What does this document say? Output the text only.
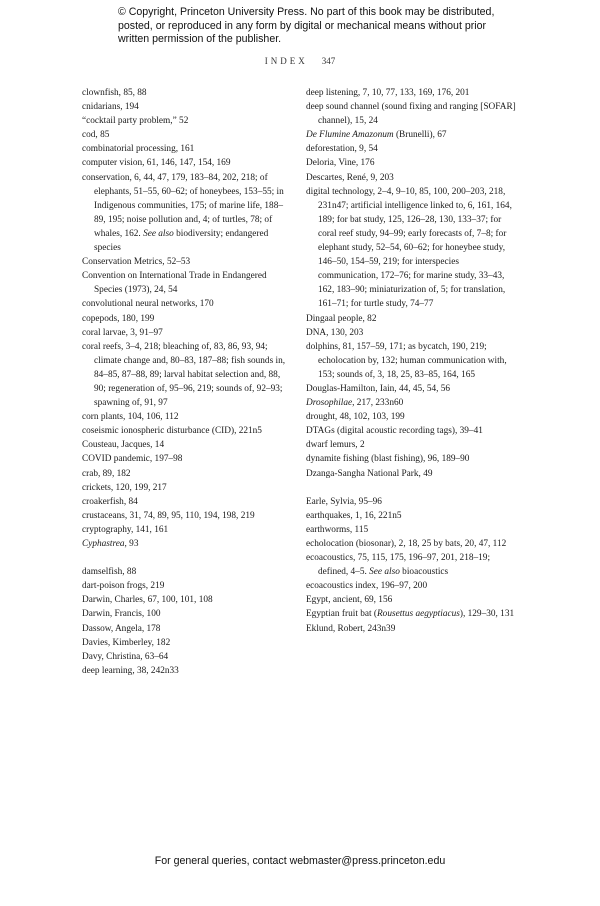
© Copyright, Princeton University Press. No part of this book may be distributed, posted, or reproduced in any form by digital or mechanical means without prior written permission of the publisher.
INDEX 347
clownfish, 85, 88
cnidarians, 194
“cocktail party problem,” 52
cod, 85
combinatorial processing, 161
computer vision, 61, 146, 147, 154, 169
conservation, 6, 44, 47, 179, 183–84, 202, 218; of elephants, 51–55, 60–62; of honeybees, 153–55; in Indigenous communities, 175; of marine life, 188–89, 195; noise pollution and, 4; of turtles, 78; of whales, 162. See also biodiversity; endangered species
Conservation Metrics, 52–53
Convention on International Trade in Endangered Species (1973), 24, 54
convolutional neural networks, 170
copepods, 180, 199
coral larvae, 3, 91–97
coral reefs, 3–4, 218; bleaching of, 83, 86, 93, 94; climate change and, 80–83, 187–88; fish sounds in, 84–85, 87–88, 89; larval habitat selection and, 88, 90; regeneration of, 95–96, 219; sounds of, 92–93; spawning of, 91, 97
corn plants, 104, 106, 112
coseismic ionospheric disturbance (CID), 221n5
Cousteau, Jacques, 14
COVID pandemic, 197–98
crab, 89, 182
crickets, 120, 199, 217
croakerfish, 84
crustaceans, 31, 74, 89, 95, 110, 194, 198, 219
cryptography, 141, 161
Cyphastrea, 93
damselfish, 88
dart-poison frogs, 219
Darwin, Charles, 67, 100, 101, 108
Darwin, Francis, 100
Dassow, Angela, 178
Davies, Kimberley, 182
Davy, Christina, 63–64
deep learning, 38, 242n33
deep listening, 7, 10, 77, 133, 169, 176, 201
deep sound channel (sound fixing and ranging [SOFAR] channel), 15, 24
De Flumine Amazonum (Brunelli), 67
deforestation, 9, 54
Deloria, Vine, 176
Descartes, René, 9, 203
digital technology, 2–4, 9–10, 85, 100, 200–203, 218, 231n47; artificial intelligence linked to, 6, 161, 164, 189; for bat study, 125, 126–28, 130, 133–37; for coral reef study, 94–99; early forecasts of, 7–8; for elephant study, 52–54, 60–62; for honeybee study, 146–50, 154–59, 219; for interspecies communication, 172–76; for marine study, 33–43, 162, 183–90; miniaturization of, 5; for translation, 161–71; for turtle study, 74–77
Dingaal people, 82
DNA, 130, 203
dolphins, 81, 157–59, 171; as bycatch, 190, 219; echolocation by, 132; human communication with, 153; sounds of, 3, 18, 25, 83–85, 164, 165
Douglas-Hamilton, Iain, 44, 45, 54, 56
Drosophilae, 217, 233n60
drought, 48, 102, 103, 199
DTAGs (digital acoustic recording tags), 39–41
dwarf lemurs, 2
dynamite fishing (blast fishing), 96, 189–90
Dzanga-Sangha National Park, 49
Earle, Sylvia, 95–96
earthquakes, 1, 16, 221n5
earthworms, 115
echolocation (biosonar), 2, 18, 25 by bats, 20, 47, 112
ecoacoustics, 75, 115, 175, 196–97, 201, 218–19; defined, 4–5. See also bioacoustics
ecoacoustics index, 196–97, 200
Egypt, ancient, 69, 156
Egyptian fruit bat (Rousettus aegyptiacus), 129–30, 131
Eklund, Robert, 243n39
For general queries, contact webmaster@press.princeton.edu
